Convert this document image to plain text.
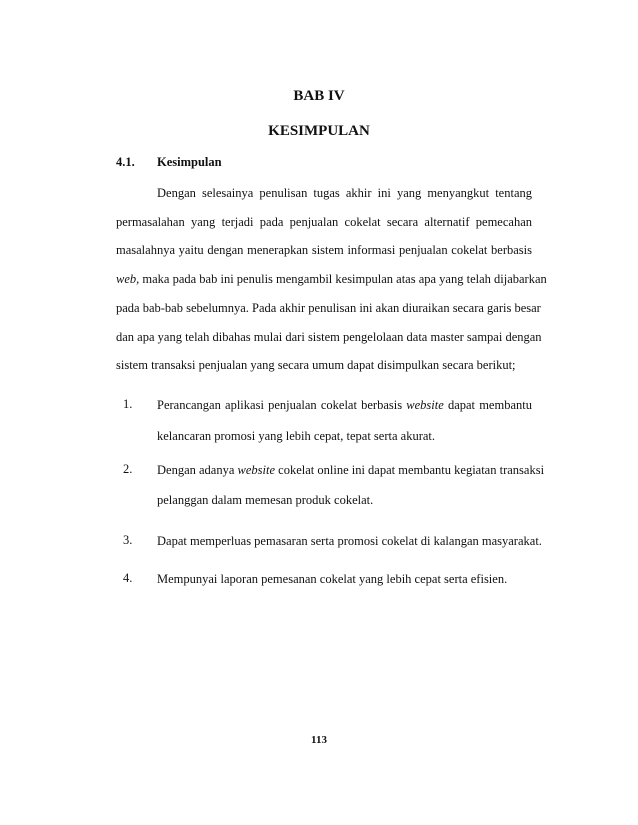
BAB IV
KESIMPULAN
4.1. Kesimpulan
Dengan selesainya penulisan tugas akhir ini yang menyangkut tentang
permasalahan yang terjadi pada penjualan cokelat secara alternatif pemecahan
masalahnya yaitu dengan menerapkan sistem informasi penjualan cokelat berbasis
web, maka pada bab ini penulis mengambil kesimpulan atas apa yang telah dijabarkan
pada bab-bab sebelumnya. Pada akhir penulisan ini akan diuraikan secara garis besar
dan apa yang telah dibahas mulai dari sistem pengelolaan data master sampai dengan
sistem transaksi penjualan yang secara umum dapat disimpulkan secara berikut;
1. Perancangan aplikasi penjualan cokelat berbasis website dapat membantu
kelancaran promosi yang lebih cepat, tepat serta akurat.
2. Dengan adanya website cokelat online ini dapat membantu kegiatan transaksi
pelanggan dalam memesan produk cokelat.
3. Dapat memperluas pemasaran serta promosi cokelat di kalangan masyarakat.
4. Mempunyai laporan pemesanan cokelat yang lebih cepat serta efisien.
113
